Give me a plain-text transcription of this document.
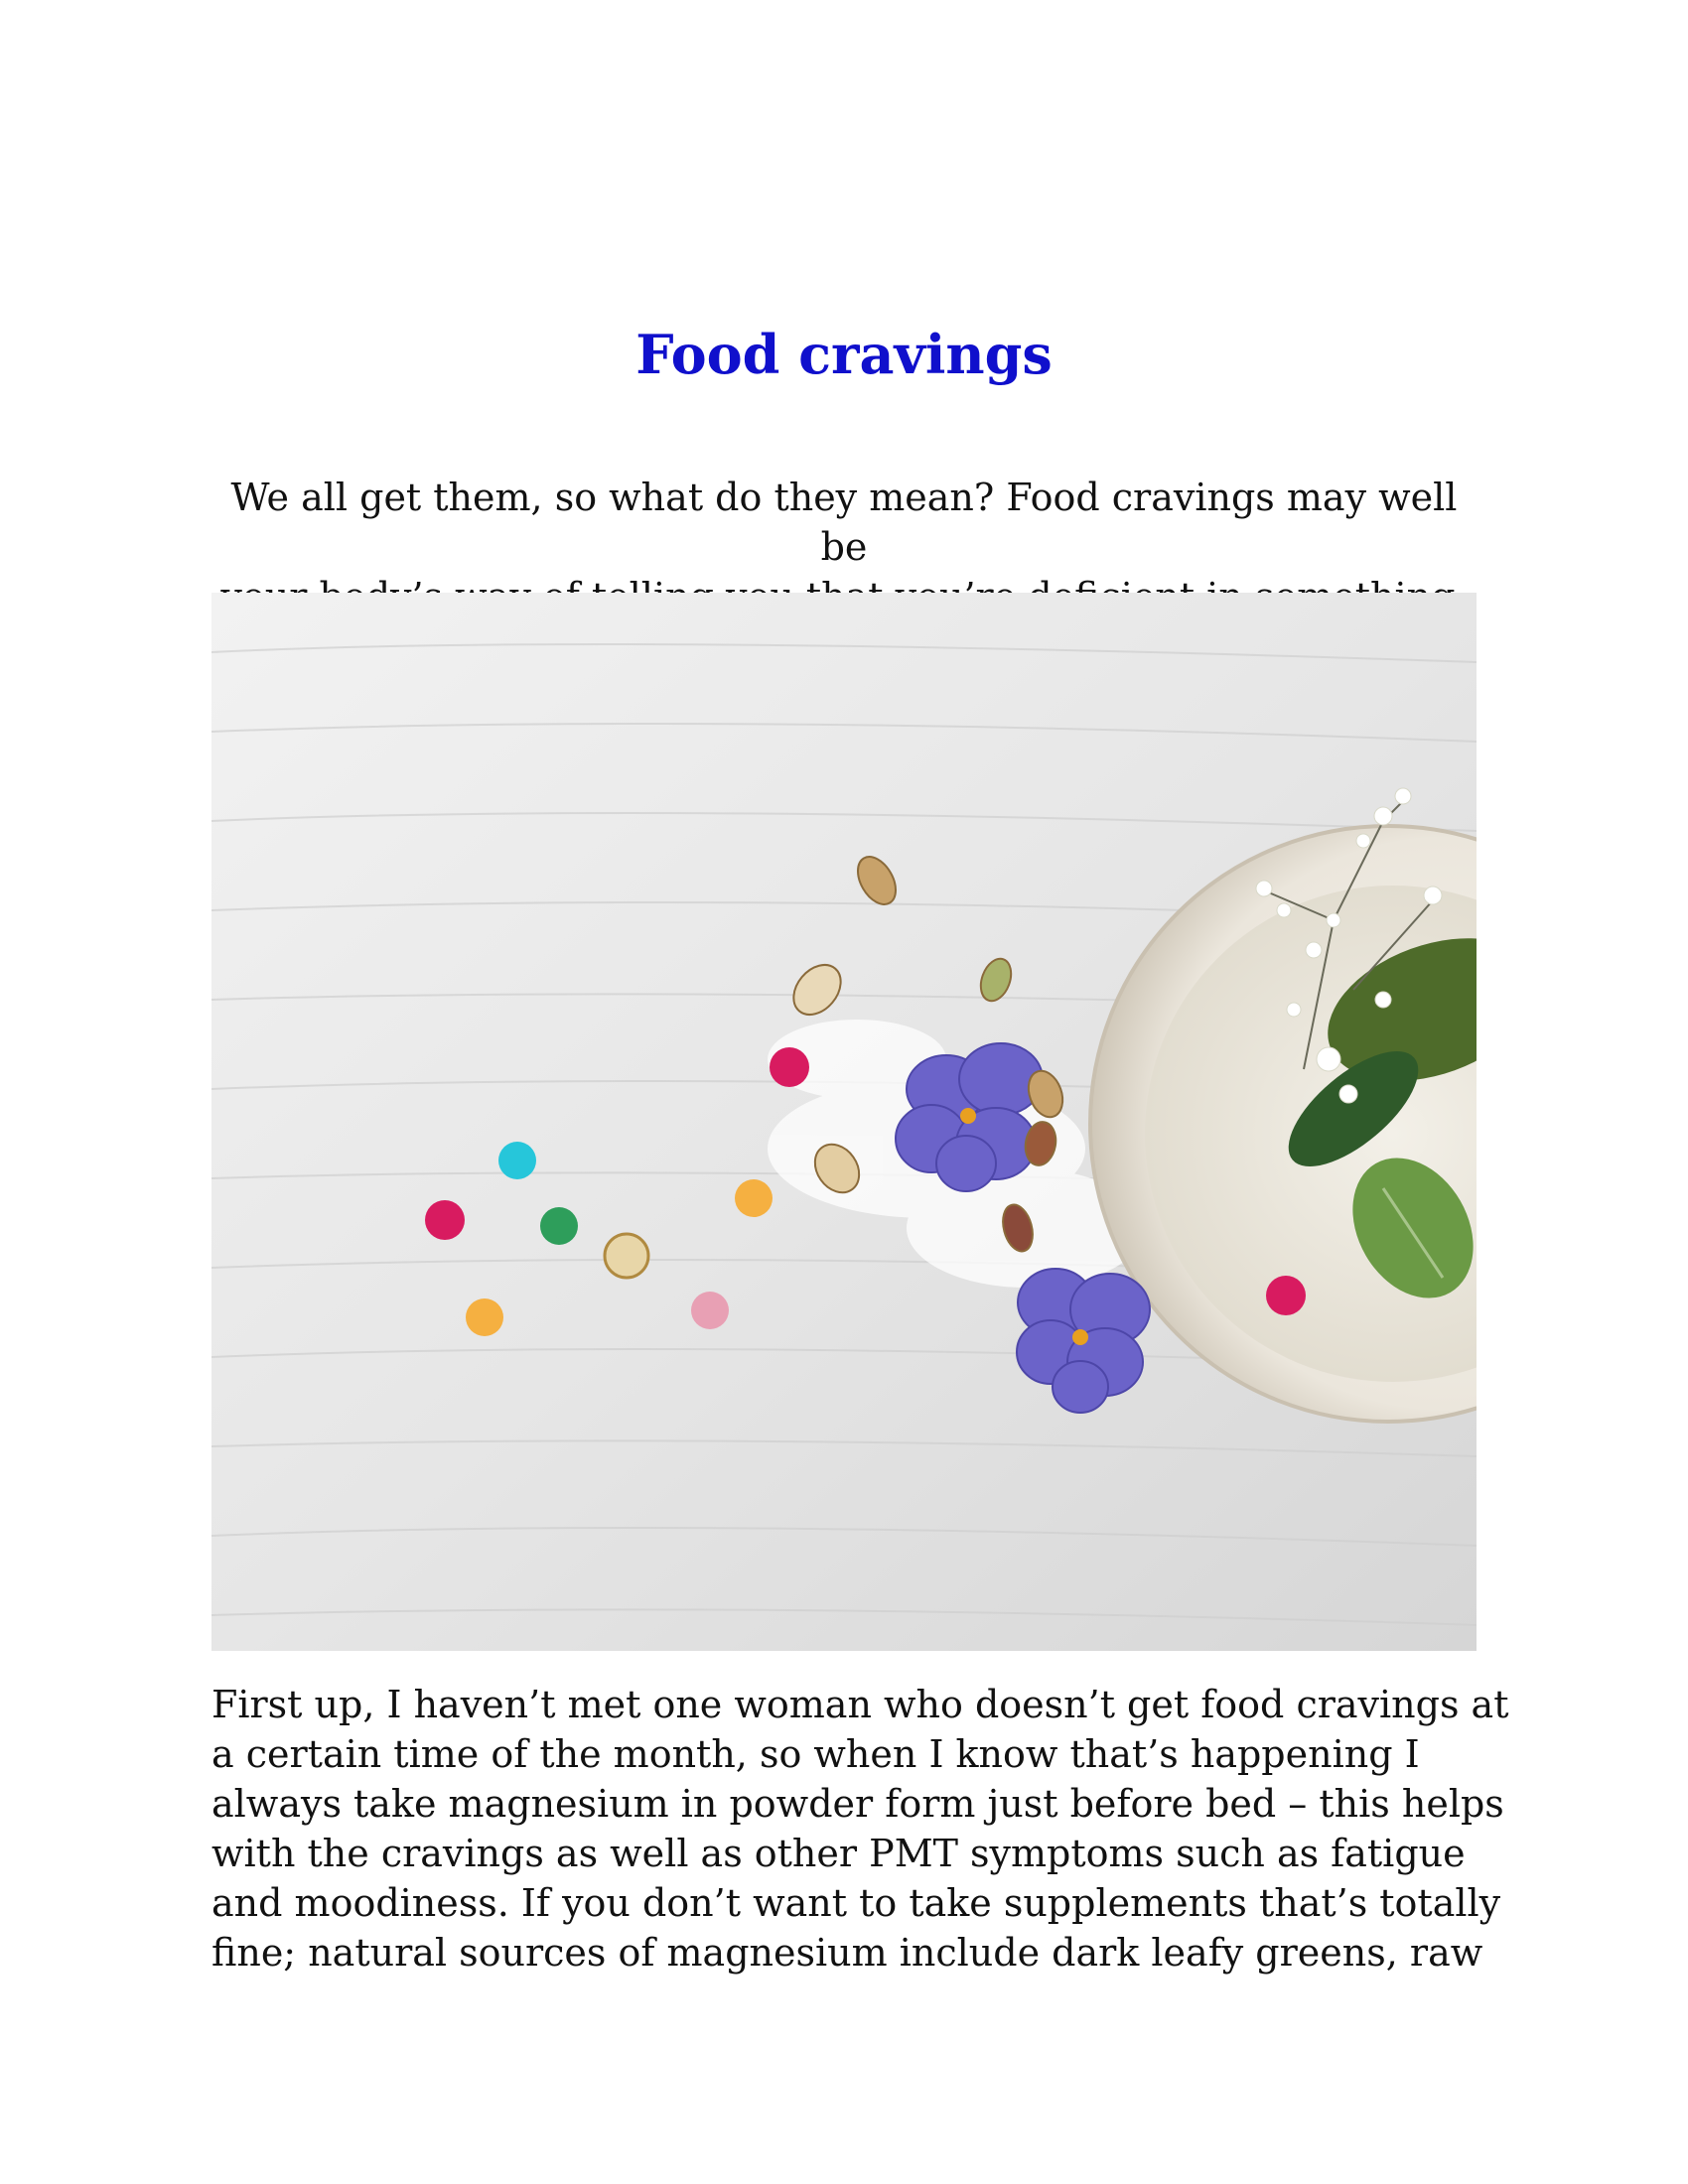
Food cravings

We all get them, so what do they mean? Food cravings may well be

First up, I haven’t met one woman who doesn’t get food cravings at
a certain time of the month, so when I know that’s happening I
always take magnesium in powder form just before bed – this helps
with the cravings as well as other PMT symptoms such as fatigue
and moodiness. If you don’t want to take supplements that’s totally
fine; natural sources of magnesium include dark leafy greens, raw
